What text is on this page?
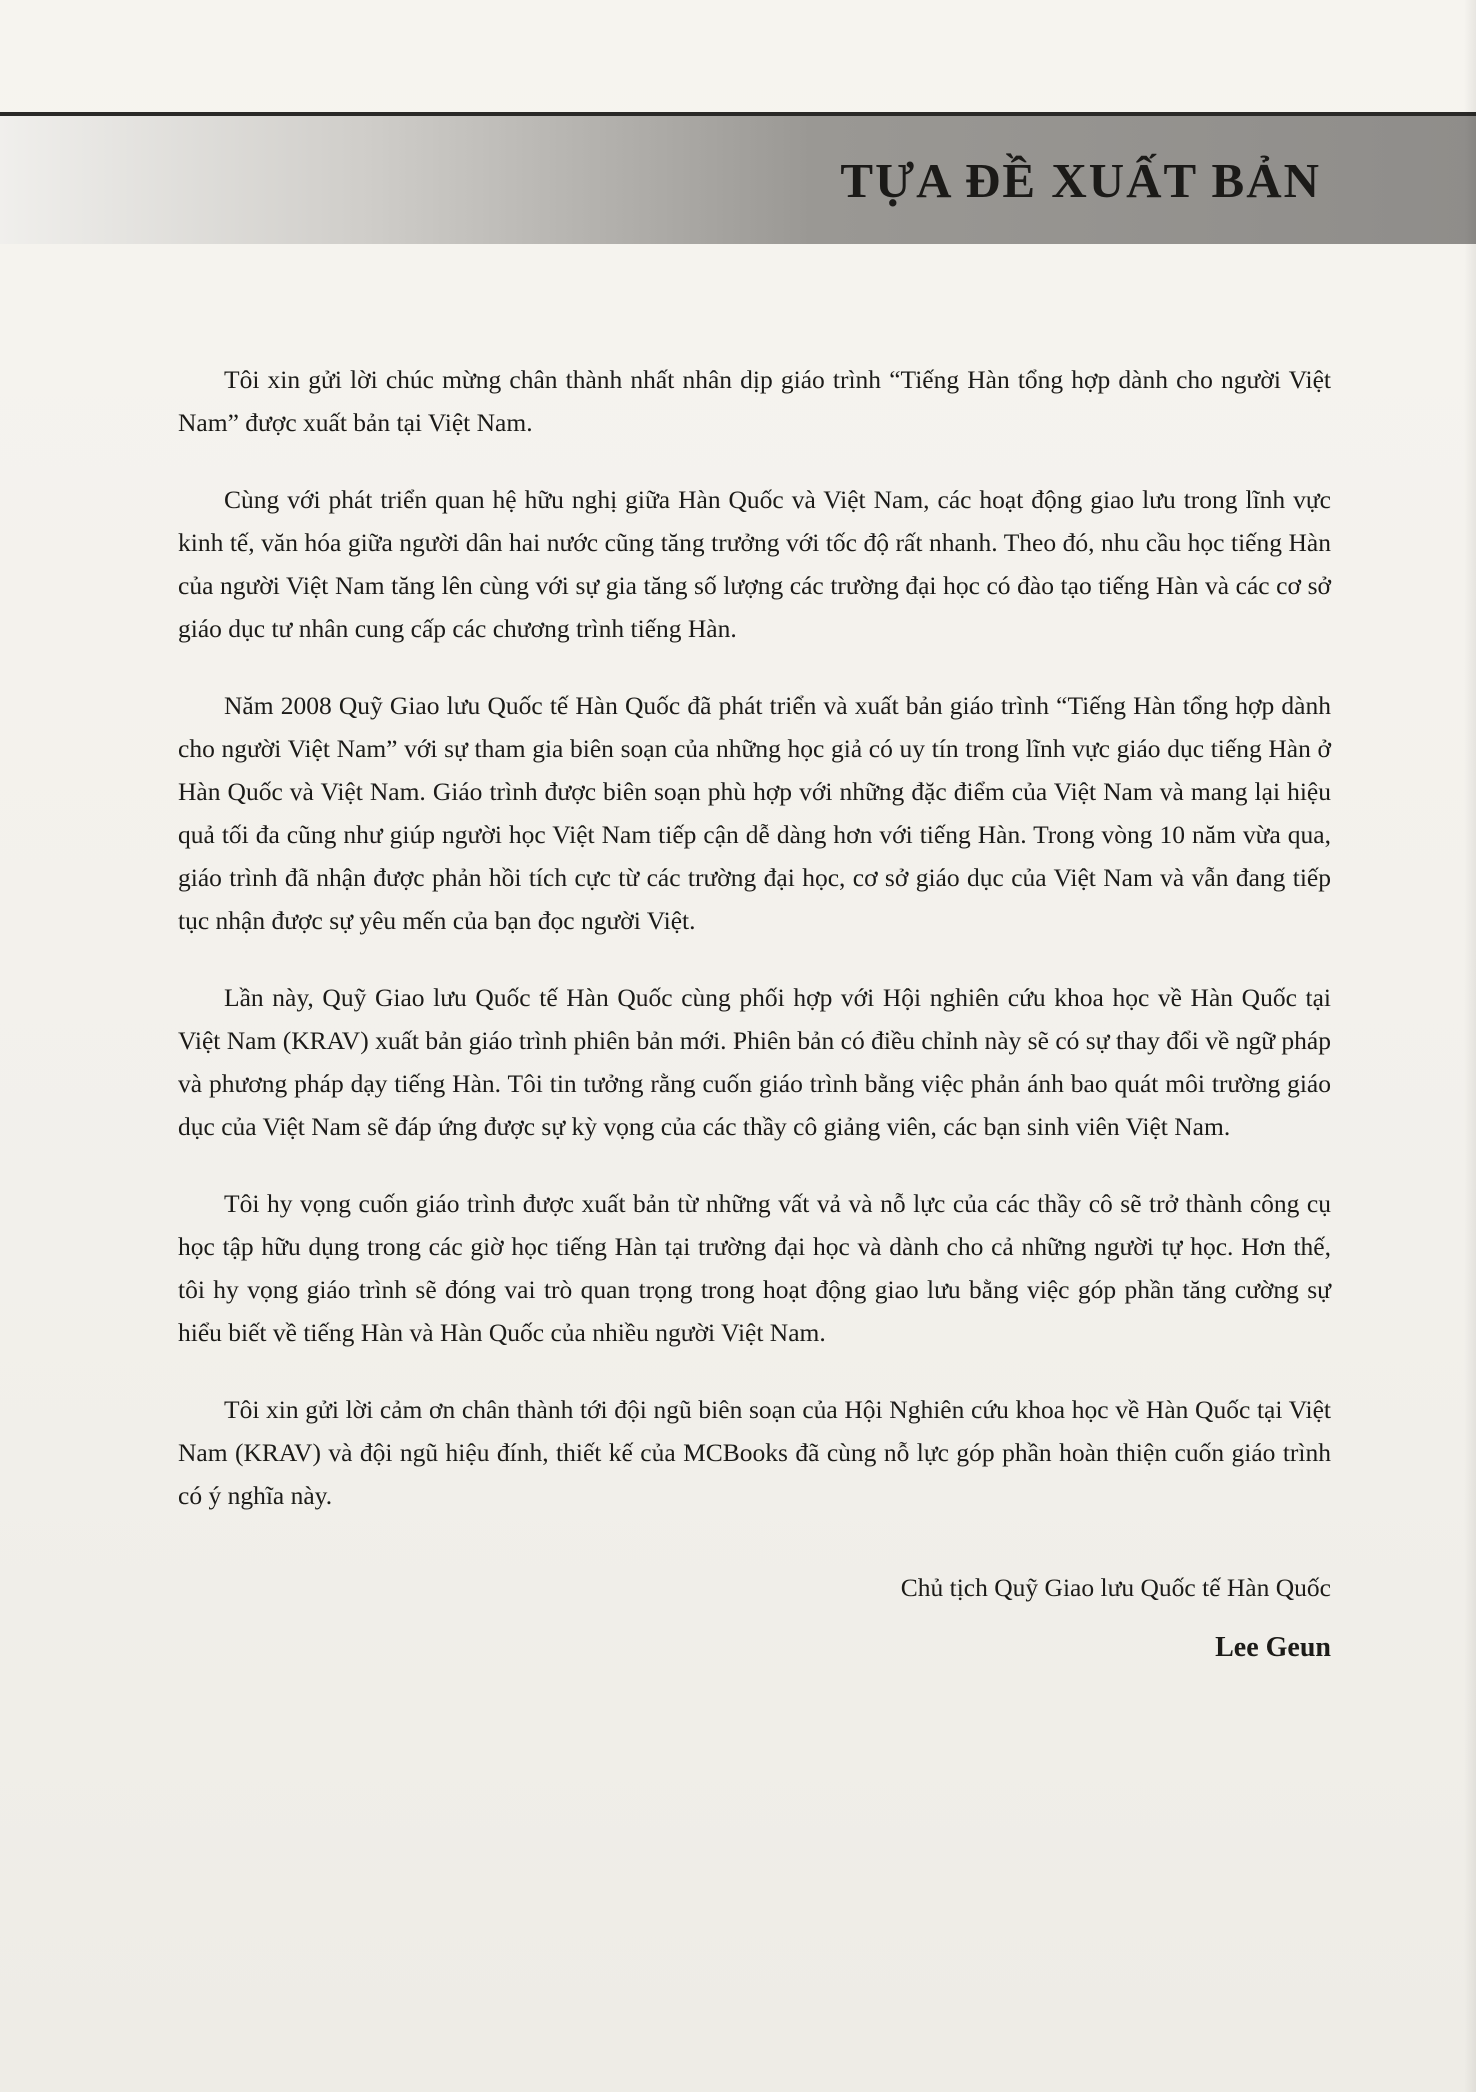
TỰA ĐỀ XUẤT BẢN

Tôi xin gửi lời chúc mừng chân thành nhất nhân dịp giáo trình “Tiếng Hàn tổng hợp dành cho người Việt Nam” được xuất bản tại Việt Nam.

Cùng với phát triển quan hệ hữu nghị giữa Hàn Quốc và Việt Nam, các hoạt động giao lưu trong lĩnh vực kinh tế, văn hóa giữa người dân hai nước cũng tăng trưởng với tốc độ rất nhanh. Theo đó, nhu cầu học tiếng Hàn của người Việt Nam tăng lên cùng với sự gia tăng số lượng các trường đại học có đào tạo tiếng Hàn và các cơ sở giáo dục tư nhân cung cấp các chương trình tiếng Hàn.

Năm 2008 Quỹ Giao lưu Quốc tế Hàn Quốc đã phát triển và xuất bản giáo trình “Tiếng Hàn tổng hợp dành cho người Việt Nam” với sự tham gia biên soạn của những học giả có uy tín trong lĩnh vực giáo dục tiếng Hàn ở Hàn Quốc và Việt Nam. Giáo trình được biên soạn phù hợp với những đặc điểm của Việt Nam và mang lại hiệu quả tối đa cũng như giúp người học Việt Nam tiếp cận dễ dàng hơn với tiếng Hàn. Trong vòng 10 năm vừa qua, giáo trình đã nhận được phản hồi tích cực từ các trường đại học, cơ sở giáo dục của Việt Nam và vẫn đang tiếp tục nhận được sự yêu mến của bạn đọc người Việt.

Lần này, Quỹ Giao lưu Quốc tế Hàn Quốc cùng phối hợp với Hội nghiên cứu khoa học về Hàn Quốc tại Việt Nam (KRAV) xuất bản giáo trình phiên bản mới. Phiên bản có điều chỉnh này sẽ có sự thay đổi về ngữ pháp và phương pháp dạy tiếng Hàn. Tôi tin tưởng rằng cuốn giáo trình bằng việc phản ánh bao quát môi trường giáo dục của Việt Nam sẽ đáp ứng được sự kỳ vọng của các thầy cô giảng viên, các bạn sinh viên Việt Nam.

Tôi hy vọng cuốn giáo trình được xuất bản từ những vất vả và nỗ lực của các thầy cô sẽ trở thành công cụ học tập hữu dụng trong các giờ học tiếng Hàn tại trường đại học và dành cho cả những người tự học. Hơn thế, tôi hy vọng giáo trình sẽ đóng vai trò quan trọng trong hoạt động giao lưu bằng việc góp phần tăng cường sự hiểu biết về tiếng Hàn và Hàn Quốc của nhiều người Việt Nam.

Tôi xin gửi lời cảm ơn chân thành tới đội ngũ biên soạn của Hội Nghiên cứu khoa học về Hàn Quốc tại Việt Nam (KRAV) và đội ngũ hiệu đính, thiết kế của MCBooks đã cùng nỗ lực góp phần hoàn thiện cuốn giáo trình có ý nghĩa này.

Chủ tịch Quỹ Giao lưu Quốc tế Hàn Quốc
Lee Geun
